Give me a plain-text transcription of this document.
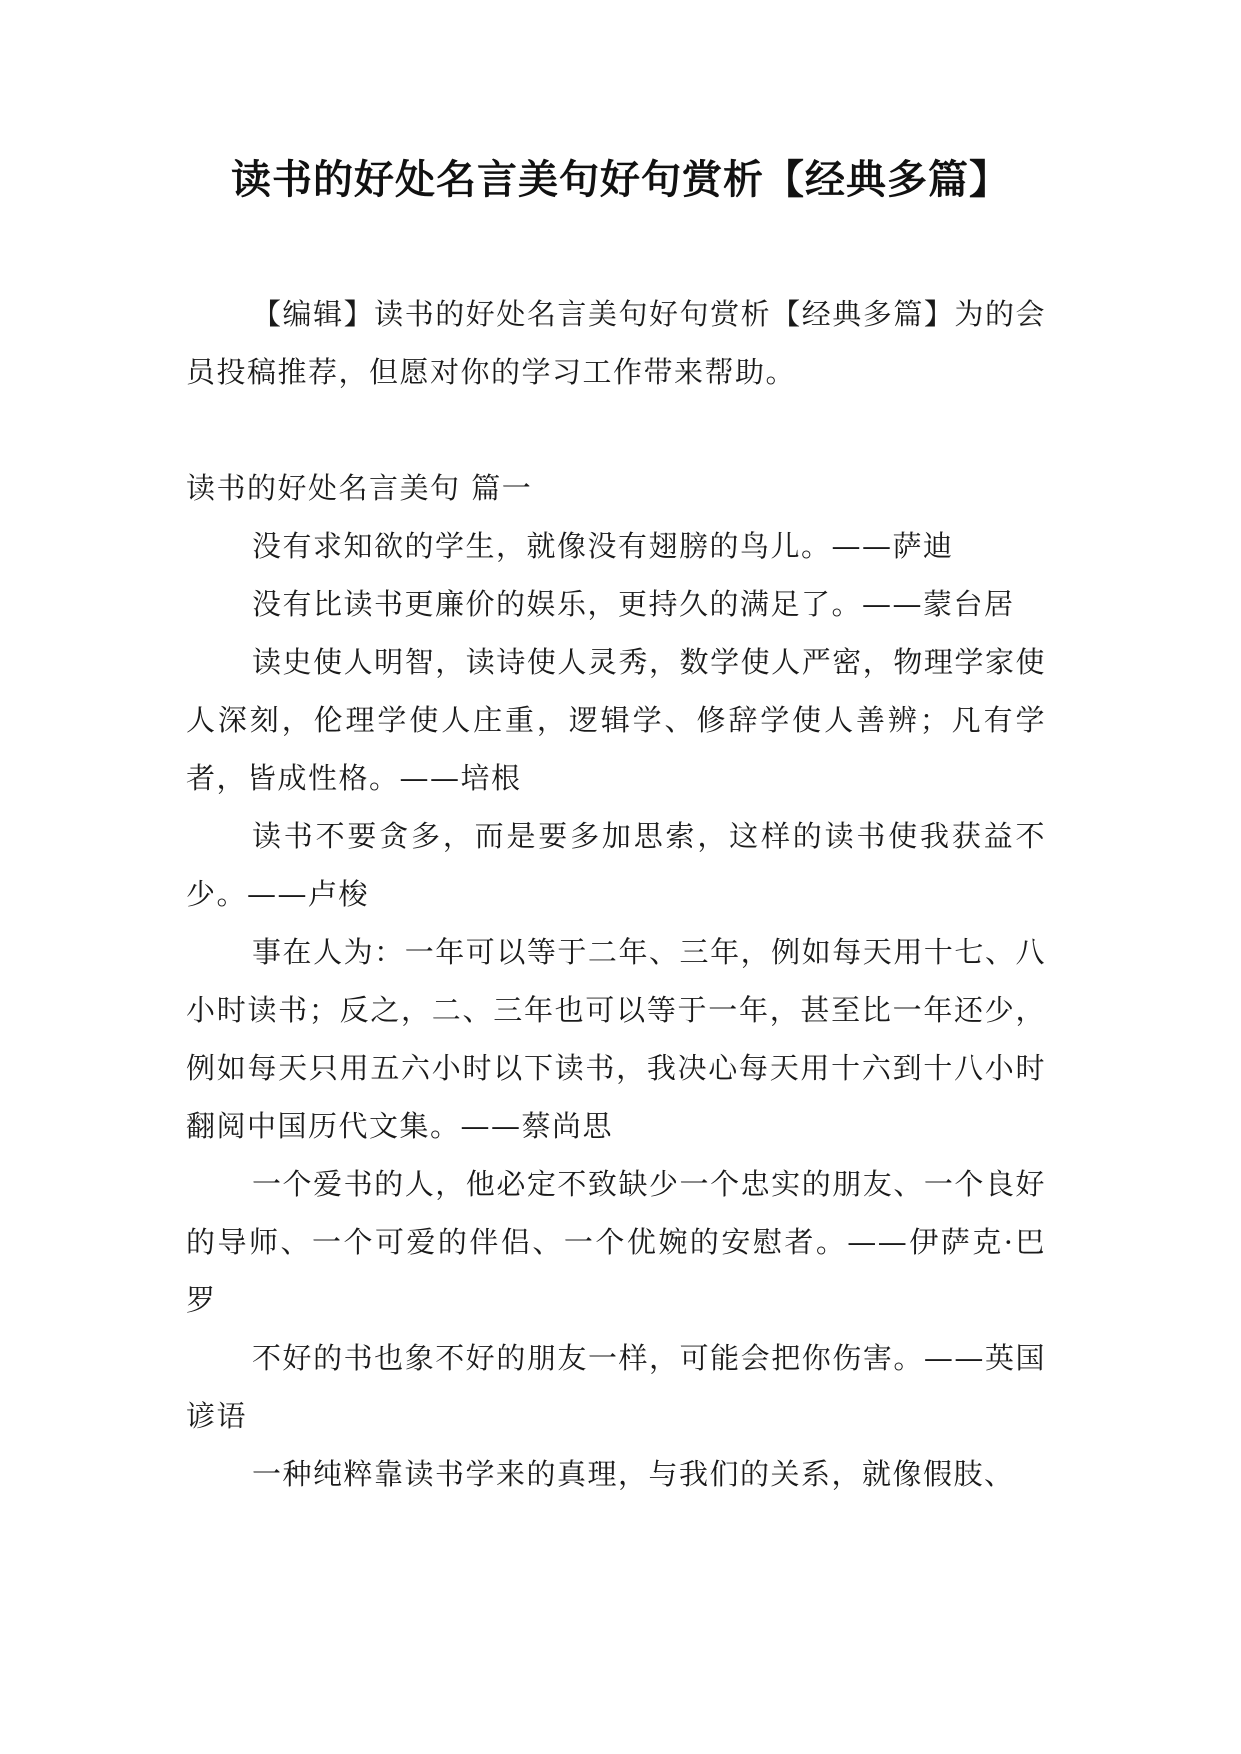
读书的好处名言美句好句赏析【经典多篇】

【编辑】读书的好处名言美句好句赏析【经典多篇】为的会员投稿推荐，但愿对你的学习工作带来帮助。

读书的好处名言美句 篇一

没有求知欲的学生，就像没有翅膀的鸟儿。——萨迪

没有比读书更廉价的娱乐，更持久的满足了。——蒙台居

读史使人明智，读诗使人灵秀，数学使人严密，物理学家使人深刻，伦理学使人庄重，逻辑学、修辞学使人善辨；凡有学者，皆成性格。——培根

读书不要贪多，而是要多加思索，这样的读书使我获益不少。——卢梭

事在人为：一年可以等于二年、三年，例如每天用十七、八小时读书；反之，二、三年也可以等于一年，甚至比一年还少，例如每天只用五六小时以下读书，我决心每天用十六到十八小时翻阅中国历代文集。——蔡尚思

一个爱书的人，他必定不致缺少一个忠实的朋友、一个良好的导师、一个可爱的伴侣、一个优婉的安慰者。——伊萨克·巴罗

不好的书也象不好的朋友一样，可能会把你伤害。——英国谚语

一种纯粹靠读书学来的真理，与我们的关系，就像假肢、
